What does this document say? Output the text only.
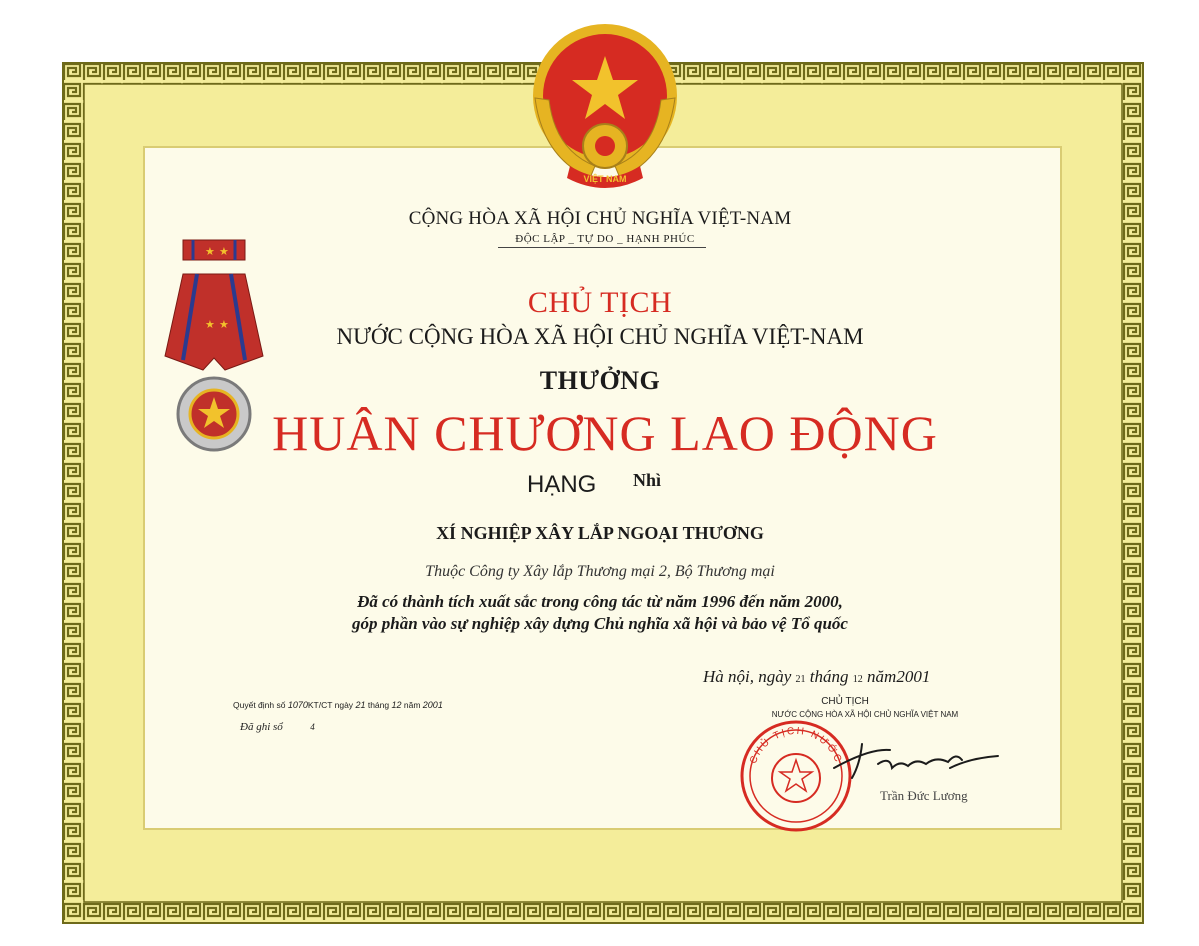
VIỆT NAM
★ ★
★ ★
CỘNG HÒA XÃ HỘI CHỦ NGHĨA VIỆT-NAM
ĐỘC LẬP _ TỰ DO _ HẠNH PHÚC
CHỦ TỊCH
NƯỚC CỘNG HÒA XÃ HỘI CHỦ NGHĨA VIỆT-NAM
THƯỞNG
HUÂN CHƯƠNG LAO ĐỘNG
HẠNG Nhì
XÍ NGHIỆP XÂY LẮP NGOẠI THƯƠNG
Thuộc Công ty Xây lắp Thương mại 2, Bộ Thương mại
Đã có thành tích xuất sắc trong công tác từ năm 1996 đến năm 2000,
góp phần vào sự nghiệp xây dựng Chủ nghĩa xã hội và bảo vệ Tổ quốc
Hà nội, ngày 21 tháng 12 năm2001
CHỦ TỊCH
NƯỚC CỘNG HÒA XÃ HỘI CHỦ NGHĨA VIỆT NAM
CHỦ TỊCH NƯỚC
Trần Đức Lương
Quyết định số 1070KT/CT ngày 21 tháng 12 năm 2001
Đã ghi sổ	4
